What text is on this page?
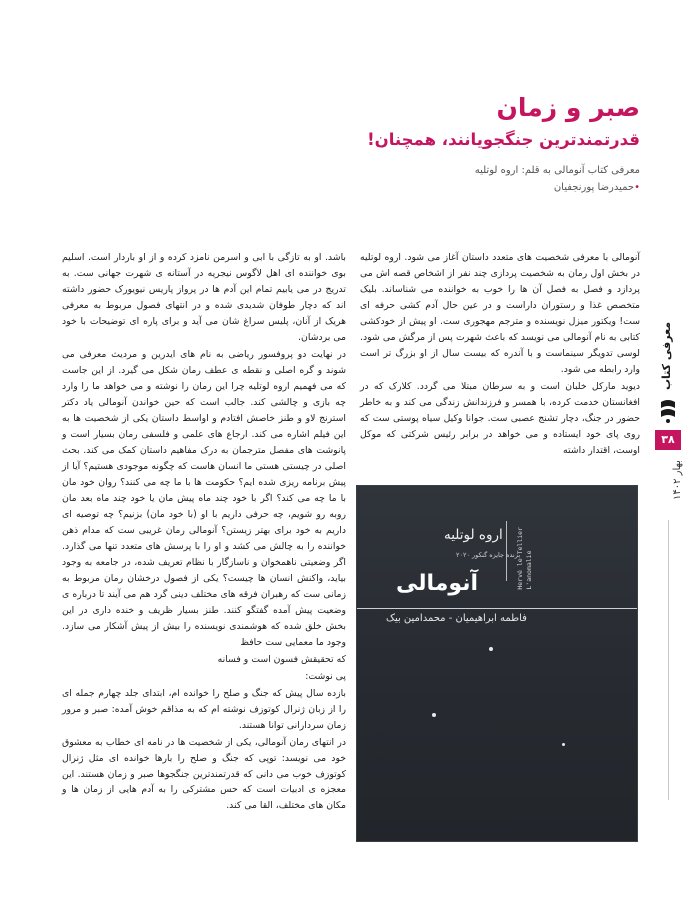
صبر و زمان
قدرتمندترین جنگجویانند، همچنان!
معرفی کتاب آنومالی به قلم: اروه لوتلیه
•حمیدرضا پورنجفیان

آنومالی با معرفی شخصیت های متعدد داستان آغاز می شود. اروه لوتلیه در بخش اول رمان به شخصیت پردازی چند نفر از اشخاص قصه اش می پردازد و فصل به فصل آن ها را خوب به خواننده می شناساند. بلیک متخصص غذا و رستوران داراست و در عین حال آدم کشی حرفه ای ست! ویکتور میزل نویسنده و مترجم مهجوری ست. او پیش از خودکشی کتابی به نام آنومالی می نویسد که باعث شهرت پس از مرگش می شود. لوسی تدویگر سینماست و با آندره که بیست سال از او بزرگ تر است وارد رابطه می شود.

دیوید مارکل خلبان است و به سرطان مبتلا می گردد. کلارک که در افغانستان خدمت کرده، با همسر و فرزندانش زندگی می کند و به خاطر حضور در جنگ، دچار تشنج عصبی ست. جوانا وکیل سیاه پوستی ست که روی پای خود ایستاده و می خواهد در برابر رئیس شرکتی که موکل اوست، اقتدار داشته

باشد. او به تازگی با ابی و اسرمن نامزد کرده و از او باردار است. اسلیم بوی خواننده ای اهل لاگوس نیجریه در آستانه ی شهرت جهانی ست. به تدریج در می یابیم تمام این آدم ها در پرواز پاریس نیویورک حضور داشته اند که دچار طوفان شدیدی شده و در انتهای فصول مربوط به معرفی هریک از آنان، پلیس سراغ شان می آید و برای پاره ای توضیحات با خود می بردشان.

در نهایت دو پروفسور ریاضی به نام های ایدرین و مردیث معرفی می شوند و گره اصلی و نقطه ی عطف رمان شکل می گیرد. از این جاست که می فهمیم اروه لوتلیه چرا این رمان را نوشته و می خواهد ما را وارد چه بازی و چالشی کند. جالب است که حین خواندن آنومالی یاد دکتر استرنج لاو و طنز خاصش افتادم و اواسط داستان یکی از شخصیت ها به این فیلم اشاره می کند. ارجاع های علمی و فلسفی رمان بسیار است و پانوشت های مفصل مترجمان به درک مفاهیم داستان کمک می کند. بحث اصلی در چیستی هستی ما انسان هاست که چگونه موجودی هستیم؟ آیا از پیش برنامه ریزی شده ایم؟ حکومت ها با ما چه می کنند؟ روان خود مان با ما چه می کند؟ اگر با خود چند ماه پیش مان یا خود چند ماه بعد مان روبه رو شویم، چه حرفی داریم با او (با خود مان) بزنیم؟ چه توصیه ای داریم به خود برای بهتر زیستن؟ آنومالی رمان غریبی ست که مدام ذهن خواننده را به چالش می کشد و او را با پرسش های متعدد تنها می گذارد. اگر وضعیتی ناهمخوان و ناسازگار با نظام تعریف شده، در جامعه به وجود بیاید، واکنش انسان ها چیست؟ یکی از فصول درخشان رمان مربوط به زمانی ست که رهبران فرقه های مختلف دینی گرد هم می آیند تا درباره ی وضعیت پیش آمده گفتگو کنند. طنز بسیار ظریف و خنده داری در این بخش خلق شده که هوشمندی نویسنده را بیش از پیش آشکار می سازد. وجود ما معمایی ست حافظ

که تحقیقش فسون است و فسانه

پی نوشت:

بازده سال پیش که جنگ و صلح را خوانده ام، ابتدای جلد چهارم جمله ای را از زبان ژنرال کوتوزف نوشته ام که به مذاقم خوش آمده: صبر و مرور زمان سردارانی توانا هستند.

در انتهای رمان آنومالی، یکی از شخصیت ها در نامه ای خطاب به معشوق خود می نویسد: توپی که جنگ و صلح را بارها خوانده ای مثل ژنرال کوتوزف خوب می دانی که قدرتمندترین جنگجوها صبر و زمان هستند. این معجزه ی ادبیات است که حس مشترکی را به آدم هایی از زمان ها و مکان های مختلف، القا می کند.

اروه لوتلیه
برنده جایزه گنکور ۲۰۲۰
Hervé le Tellier
L'anomalie
آنومالی
فاطمه ابراهیمیان - محمدامین بیک
معرفی کتاب
۳۸
بهار ۱۴۰۲
